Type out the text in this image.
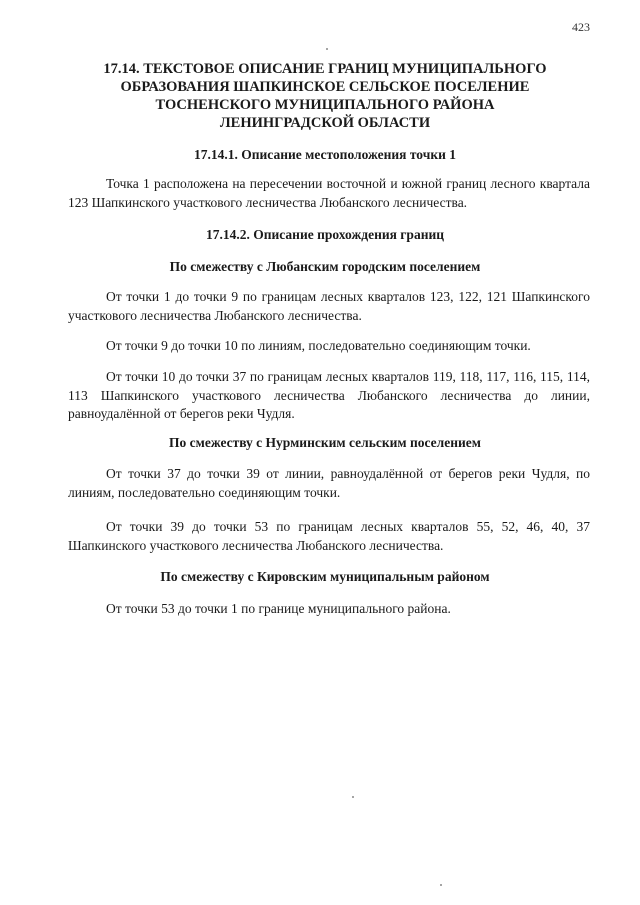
423
17.14. ТЕКСТОВОЕ ОПИСАНИЕ ГРАНИЦ МУНИЦИПАЛЬНОГО
ОБРАЗОВАНИЯ ШАПКИНСКОЕ СЕЛЬСКОЕ ПОСЕЛЕНИЕ
ТОСНЕНСКОГО МУНИЦИПАЛЬНОГО РАЙОНА
ЛЕНИНГРАДСКОЙ ОБЛАСТИ
17.14.1. Описание местоположения точки 1

Точка 1 расположена на пересечении восточной и южной границ лесного квартала 123 Шапкинского участкового лесничества Любанского лесничества.

17.14.2. Описание прохождения границ
По смежеству с Любанским городским поселением

От точки 1 до точки 9 по границам лесных кварталов 123, 122, 121 Шапкинского участкового лесничества Любанского лесничества.

От точки 9 до точки 10 по линиям, последовательно соединяющим точки.

От точки 10 до точки 37 по границам лесных кварталов 119, 118, 117, 116, 115, 114, 113 Шапкинского участкового лесничества Любанского лесничества до линии, равноудалённой от берегов реки Чудля.

По смежеству с Нурминским сельским поселением

От точки 37 до точки 39 от линии, равноудалённой от берегов реки Чудля, по линиям, последовательно соединяющим точки.

От точки 39 до точки 53 по границам лесных кварталов 55, 52, 46, 40, 37 Шапкинского участкового лесничества Любанского лесничества.

По смежеству с Кировским муниципальным районом

От точки 53 до точки 1 по границе муниципального района.
